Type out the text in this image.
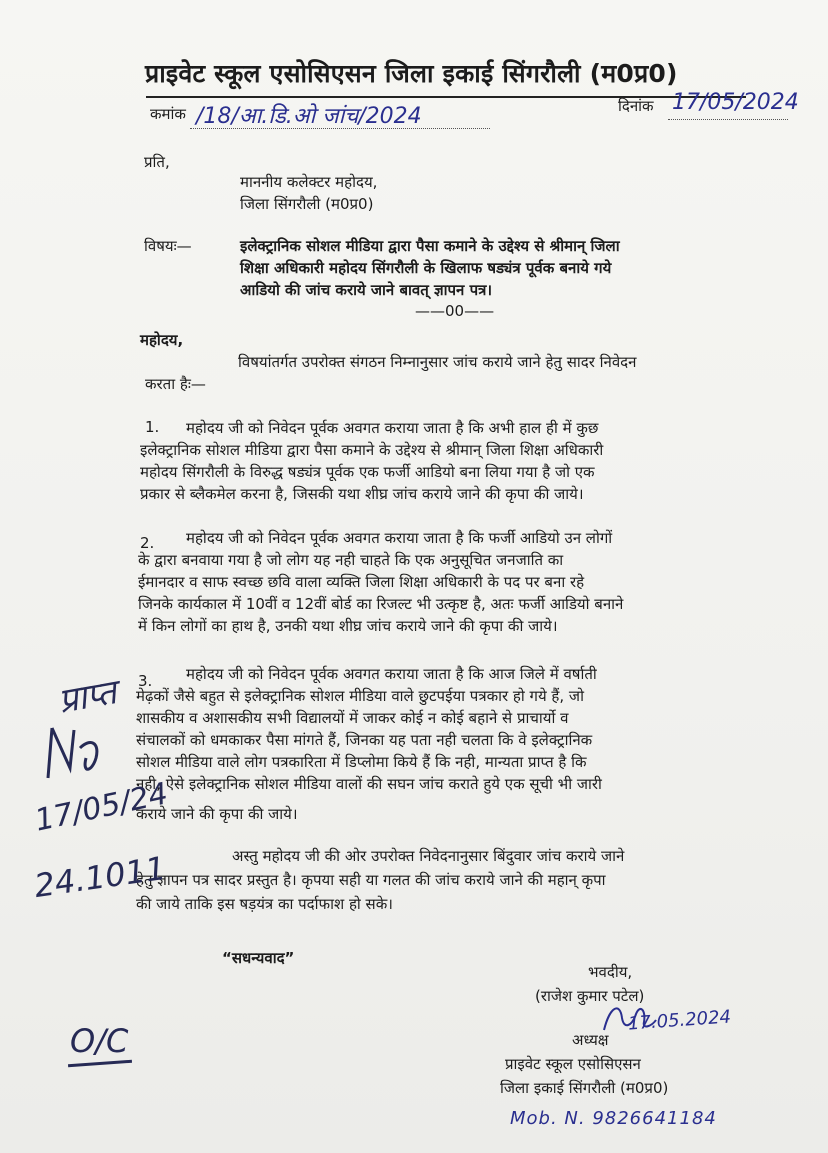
प्राइवेट स्कूल एसोसिएसन जिला इकाई सिंगरौली (म0प्र0)
कमांक /18/आ.डि.ओ जांच/2024	दिनांक 17/05/2024
प्रति,
माननीय कलेक्टर महोदय,
जिला सिंगरौली (म0प्र0)
विषयः—	इलेक्ट्रानिक सोशल मीडिया द्वारा पैसा कमाने के उद्देश्य से श्रीमान् जिला
शिक्षा अधिकारी महोदय सिंगरौली के खिलाफ षड्यंत्र पूर्वक बनाये गये
आडियो की जांच कराये जाने बावत् ज्ञापन पत्र।
——00——
महोदय,
विषयांतर्गत उपरोक्त संगठन निम्नानुसार जांच कराये जाने हेतु सादर निवेदन
करता हैः—
1. महोदय जी को निवेदन पूर्वक अवगत कराया जाता है कि अभी हाल ही में कुछ
इलेक्ट्रानिक सोशल मीडिया द्वारा पैसा कमाने के उद्देश्य से श्रीमान् जिला शिक्षा अधिकारी
महोदय सिंगरौली के विरुद्ध षड्यंत्र पूर्वक एक फर्जी आडियो बना लिया गया है जो एक
प्रकार से ब्लैकमेल करना है, जिसकी यथा शीघ्र जांच कराये जाने की कृपा की जाये।
2. महोदय जी को निवेदन पूर्वक अवगत कराया जाता है कि फर्जी आडियो उन लोगों
के द्वारा बनवाया गया है जो लोग यह नही चाहते कि एक अनुसूचित जनजाति का
ईमानदार व साफ स्वच्छ छवि वाला व्यक्ति जिला शिक्षा अधिकारी के पद पर बना रहे
जिनके कार्यकाल में 10वीं व 12वीं बोर्ड का रिजल्ट भी उत्कृष्ट है, अतः फर्जी आडियो बनाने
में किन लोगों का हाथ है, उनकी यथा शीघ्र जांच कराये जाने की कृपा की जाये।
3. महोदय जी को निवेदन पूर्वक अवगत कराया जाता है कि आज जिले में वर्षाती
मेढ़कों जैसे बहुत से इलेक्ट्रानिक सोशल मीडिया वाले छुटपईया पत्रकार हो गये हैं, जो
शासकीय व अशासकीय सभी विद्यालयों में जाकर कोई न कोई बहाने से प्राचार्यो व
संचालकों को धमकाकर पैसा मांगते हैं, जिनका यह पता नही चलता कि वे इलेक्ट्रानिक
सोशल मीडिया वाले लोग पत्रकारिता में डिप्लोमा किये हैं कि नही, मान्यता प्राप्त है कि
नही, ऐसे इलेक्ट्रानिक सोशल मीडिया वालों की सघन जांच कराते हुये एक सूची भी जारी
कराये जाने की कृपा की जाये।
अस्तु महोदय जी की ओर उपरोक्त निवेदनानुसार बिंदुवार जांच कराये जाने
हेतु ज्ञापन पत्र सादर प्रस्तुत है। कृपया सही या गलत की जांच कराये जाने की महान् कृपा
की जाये ताकि इस षड़यंत्र का पर्दाफाश हो सके।
“सधन्यवाद”
भवदीय,
(राजेश कुमार पटेल)
17.05.2024
अध्यक्ष
प्राइवेट स्कूल एसोसिएसन
जिला इकाई सिंगरौली (म0प्र0)
Mob. N. 9826641184
प्राप्त
17/05/24
24.1011
O/C
